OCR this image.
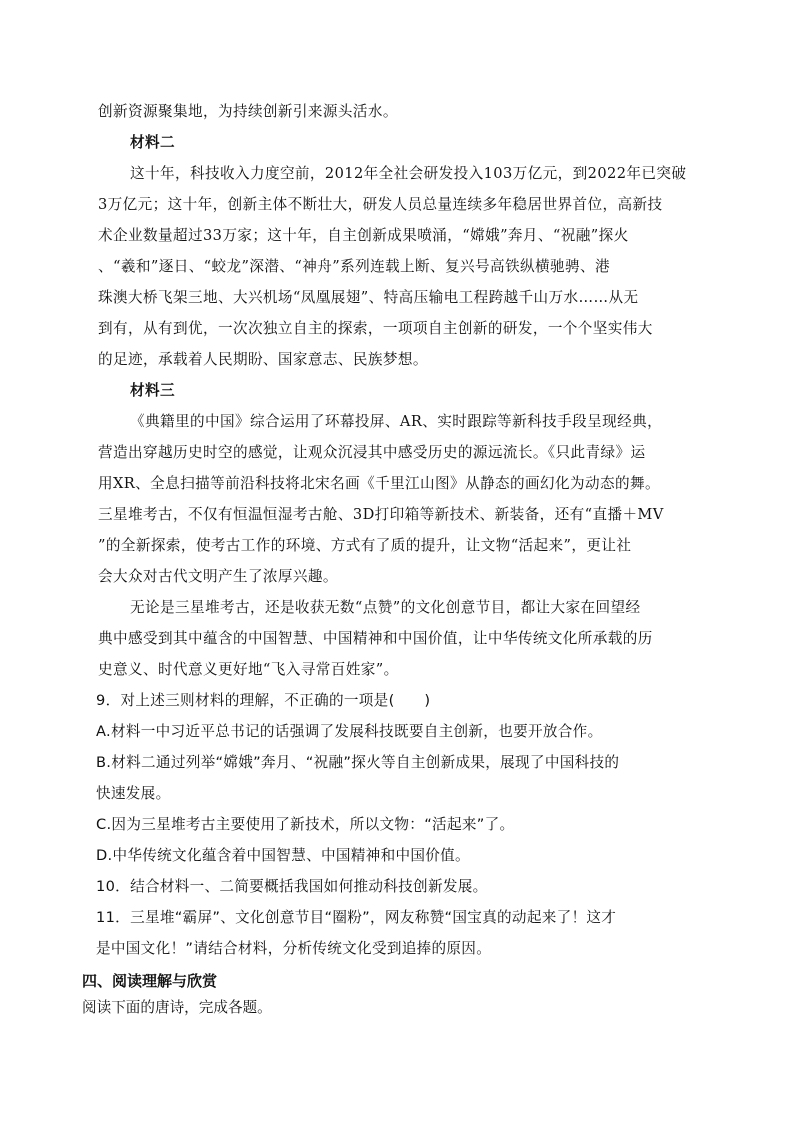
创新资源聚集地，为持续创新引来源头活水。
材料二
这十年，科技收入力度空前，2012年全社会研发投入103万亿元，到2022年已突破
3万亿元；这十年，创新主体不断壮大，研发人员总量连续多年稳居世界首位，高新技
术企业数量超过33万家；这十年，自主创新成果喷涌，“嫦娥”奔月、“祝融”探火
、“羲和”逐日、“蛟龙”深潜、“神舟”系列连载上断、复兴号高铁纵横驰骋、港
珠澳大桥飞架三地、大兴机场“凤凰展翅”、特高压输电工程跨越千山万水……从无
到有，从有到优，一次次独立自主的探索，一项项自主创新的研发，一个个坚实伟大
的足迹，承载着人民期盼、国家意志、民族梦想。
材料三
《典籍里的中国》综合运用了环幕投屏、AR、实时跟踪等新科技手段呈现经典，
营造出穿越历史时空的感觉，让观众沉浸其中感受历史的源远流长。《只此青绿》运
用XR、全息扫描等前沿科技将北宋名画《千里江山图》从静态的画幻化为动态的舞。
三星堆考古，不仅有恒温恒湿考古舱、3D打印箱等新技术、新装备，还有“直播＋MV
”的全新探索，使考古工作的环境、方式有了质的提升，让文物“活起来”，更让社
会大众对古代文明产生了浓厚兴趣。
无论是三星堆考古，还是收获无数“点赞”的文化创意节目，都让大家在回望经
典中感受到其中蕴含的中国智慧、中国精神和中国价值，让中华传统文化所承载的历
史意义、时代意义更好地“飞入寻常百姓家”。
9．对上述三则材料的理解，不正确的一项是(　　)
A.材料一中习近平总书记的话强调了发展科技既要自主创新，也要开放合作。
B.材料二通过列举“嫦娥”奔月、“祝融”探火等自主创新成果，展现了中国科技的
快速发展。
C.因为三星堆考古主要使用了新技术，所以文物：“活起来”了。
D.中华传统文化蕴含着中国智慧、中国精神和中国价值。
10．结合材料一、二简要概括我国如何推动科技创新发展。
11．三星堆“霸屏”、文化创意节目“圈粉”，网友称赞“国宝真的动起来了！这才
是中国文化！”请结合材料，分析传统文化受到追捧的原因。
四、阅读理解与欣赏
阅读下面的唐诗，完成各题。
